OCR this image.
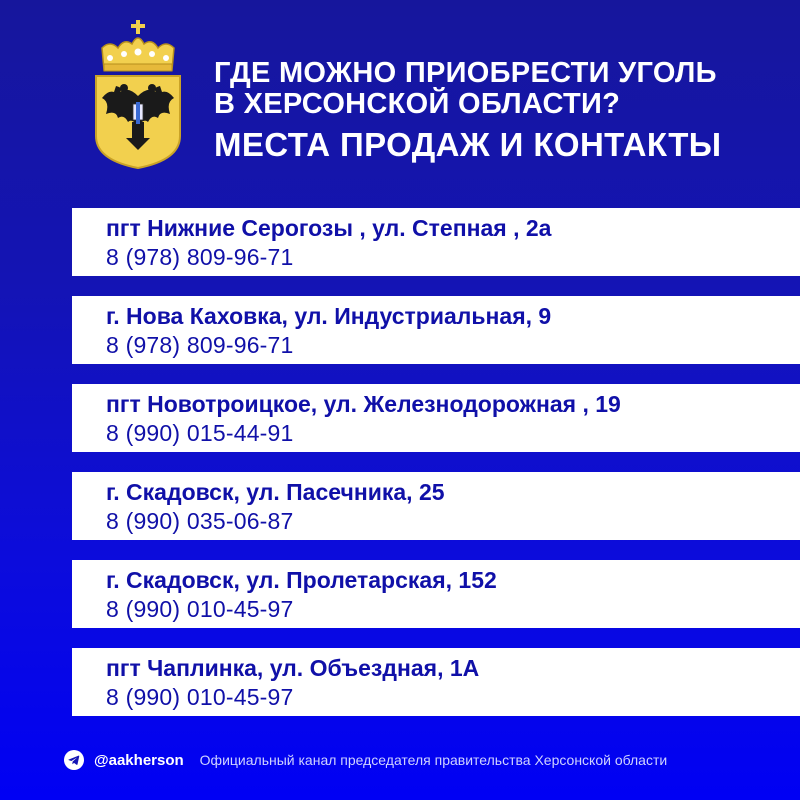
ГДЕ МОЖНО ПРИОБРЕСТИ УГОЛЬ
В ХЕРСОНСКОЙ ОБЛАСТИ?
МЕСТА ПРОДАЖ И КОНТАКТЫ
пгт Нижние Серогозы , ул. Степная , 2а
8 (978) 809-96-71
г. Нова Каховка, ул. Индустриальная, 9
8 (978) 809-96-71
пгт Новотроицкое, ул. Железнодорожная , 19
8 (990) 015-44-91
г. Скадовск, ул. Пасечника, 25
8 (990) 035-06-87
г. Скадовск, ул. Пролетарская, 152
8 (990) 010-45-97
пгт Чаплинка, ул. Объездная, 1А
8 (990) 010-45-97
@aakherson Официальный канал председателя правительства Херсонской области
